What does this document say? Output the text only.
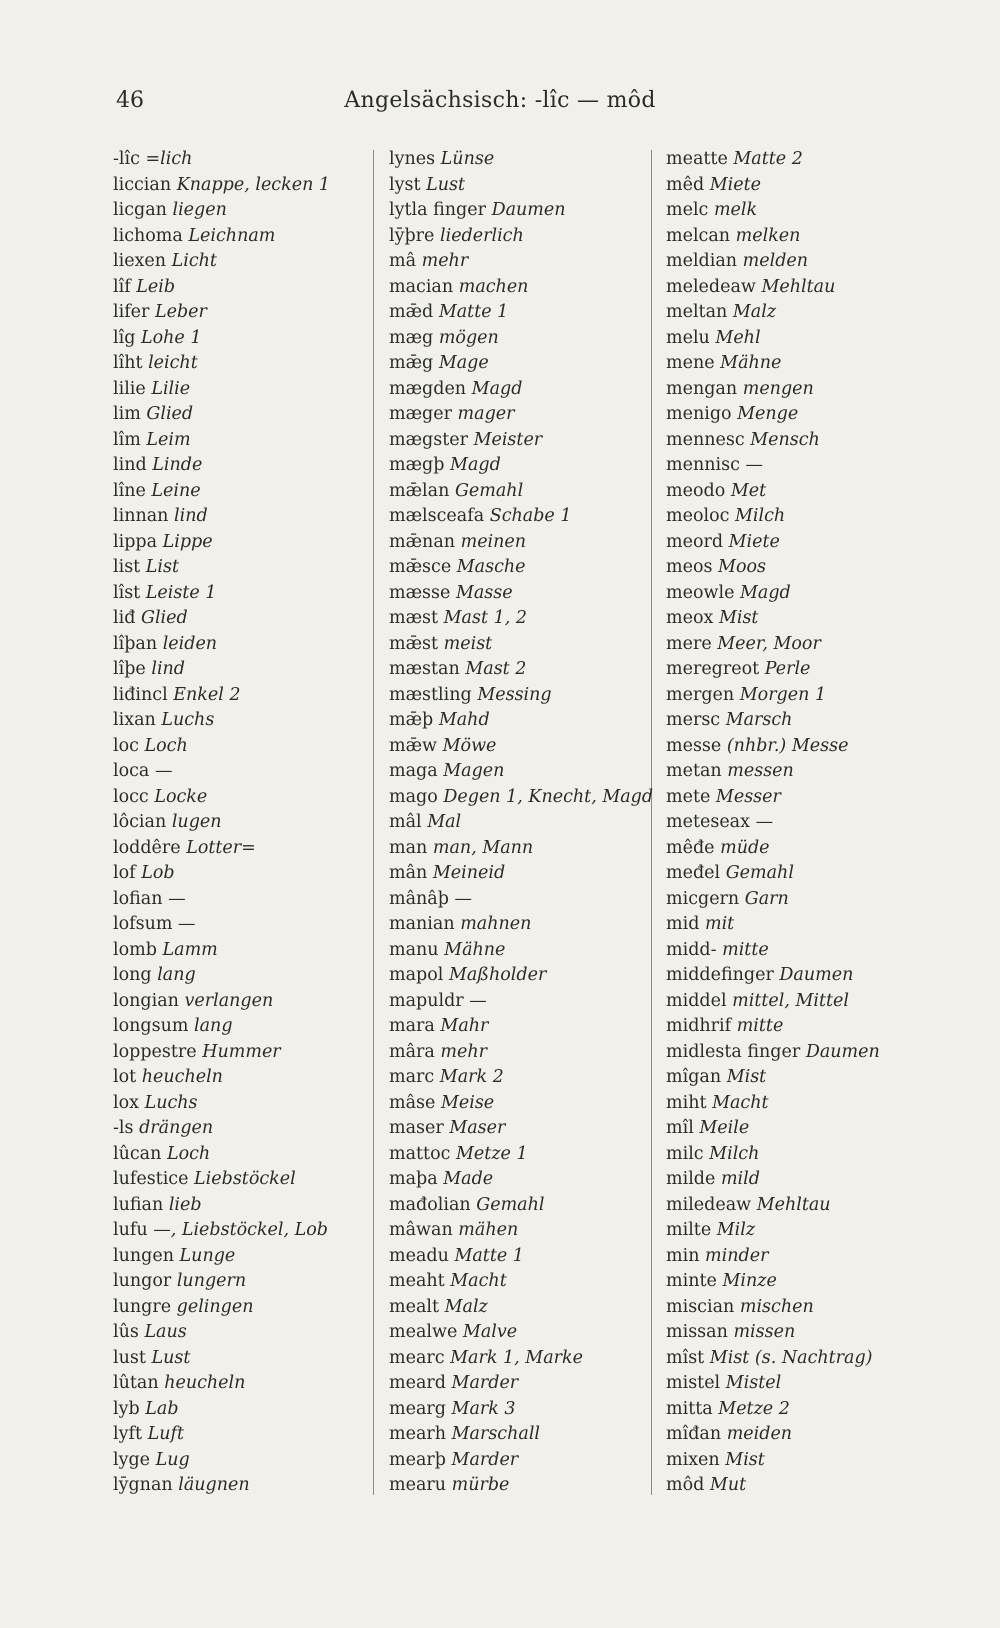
46	Angelsächsisch: -lîc — môd
-lîc =lich
liccian Knappe, lecken 1
licgan liegen
lichoma Leichnam
liexen Licht
lîf Leib
lifer Leber
lîg Lohe 1
lîht leicht
lilie Lilie
lim Glied
lîm Leim
lind Linde
lîne Leine
linnan lind
lippa Lippe
list List
lîst Leiste 1
liđ Glied
lîþan leiden
lîþe lind
liđincl Enkel 2
lixan Luchs
loc Loch
loca —
locc Locke
lôcian lugen
loddêre Lotter=
lof Lob
lofian —
lofsum —
lomb Lamm
long lang
longian verlangen
longsum lang
loppestre Hummer
lot heucheln
lox Luchs
-ls drängen
lûcan Loch
lufestice Liebstöckel
lufian lieb
lufu —, Liebstöckel, Lob
lungen Lunge
lungor lungern
lungre gelingen
lûs Laus
lust Lust
lûtan heucheln
lyb Lab
lyft Luft
lyge Lug
lȳgnan läugnen
lynes Lünse
lyst Lust
lytla finger Daumen
lȳþre liederlich
mâ mehr
macian machen
mǣd Matte 1
mæg mögen
mǣg Mage
mægden Magd
mæger mager
mægster Meister
mægþ Magd
mǣlan Gemahl
mælsceafa Schabe 1
mǣnan meinen
mǣsce Masche
mæsse Masse
mæst Mast 1, 2
mǣst meist
mæstan Mast 2
mæstling Messing
mǣþ Mahd
mǣw Möwe
maga Magen
mago Degen 1, Knecht, Magd
mâl Mal
man man, Mann
mân Meineid
mânâþ —
manian mahnen
manu Mähne
mapol Maßholder
mapuldr —
mara Mahr
mâra mehr
marc Mark 2
mâse Meise
maser Maser
mattoc Metze 1
maþa Made
mađolian Gemahl
mâwan mähen
meadu Matte 1
meaht Macht
mealt Malz
mealwe Malve
mearc Mark 1, Marke
meard Marder
mearg Mark 3
mearh Marschall
mearþ Marder
mearu mürbe
meatte Matte 2
mêd Miete
melc melk
melcan melken
meldian melden
meledeaw Mehltau
meltan Malz
melu Mehl
mene Mähne
mengan mengen
menigo Menge
mennesc Mensch
mennisc —
meodo Met
meoloc Milch
meord Miete
meos Moos
meowle Magd
meox Mist
mere Meer, Moor
meregreot Perle
mergen Morgen 1
mersc Marsch
messe (nhbr.) Messe
metan messen
mete Messer
meteseax —
mêđe müde
međel Gemahl
micgern Garn
mid mit
midd- mitte
middefinger Daumen
middel mittel, Mittel
midhrif mitte
midlesta finger Daumen
mîgan Mist
miht Macht
mîl Meile
milc Milch
milde mild
miledeaw Mehltau
milte Milz
min minder
minte Minze
miscian mischen
missan missen
mîst Mist (s. Nachtrag)
mistel Mistel
mitta Metze 2
mîđan meiden
mixen Mist
môd Mut
